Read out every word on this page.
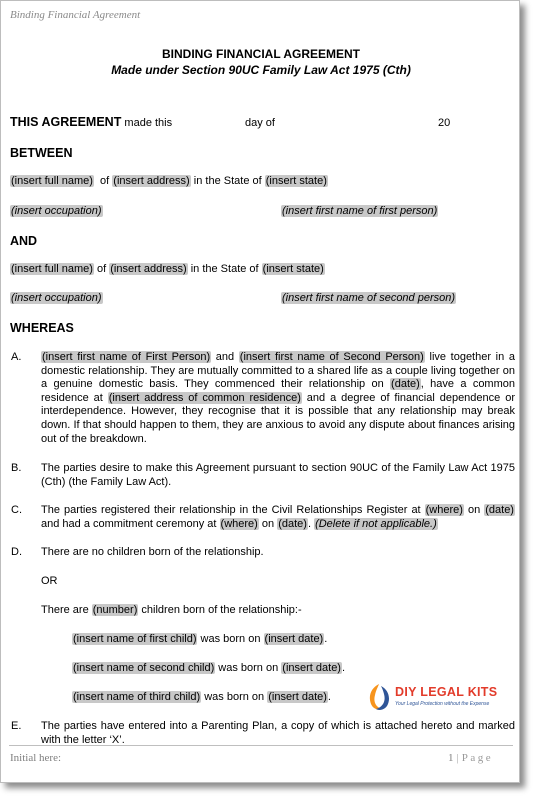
Binding Financial Agreement
BINDING FINANCIAL AGREEMENT
Made under Section 90UC Family Law Act 1975 (Cth)
THIS AGREEMENT made this	day of	20
BETWEEN
(insert full name) of (insert address) in the State of (insert state)
(insert occupation)	(insert first name of first person)
AND
(insert full name) of (insert address) in the State of (insert state)
(insert occupation)	(insert first name of second person)
WHEREAS
A. (insert first name of First Person) and (insert first name of Second Person) live together in a domestic relationship. They are mutually committed to a shared life as a couple living together on a genuine domestic basis. They commenced their relationship on (date), have a common residence at (insert address of common residence) and a degree of financial dependence or interdependence. However, they recognise that it is possible that any relationship may break down. If that should happen to them, they are anxious to avoid any dispute about finances arising out of the breakdown.
B. The parties desire to make this Agreement pursuant to section 90UC of the Family Law Act 1975 (Cth) (the Family Law Act).
C. The parties registered their relationship in the Civil Relationships Register at (where) on (date) and had a commitment ceremony at (where) on (date). (Delete if not applicable.)
D. There are no children born of the relationship.
OR
There are (number) children born of the relationship:-
(insert name of first child) was born on (insert date).
(insert name of second child) was born on (insert date).
(insert name of third child) was born on (insert date).	DIY LEGAL KITS
Your Legal Protection without the Expense
E. The parties have entered into a Parenting Plan, a copy of which is attached hereto and marked with the letter ‘X’.
Initial here:	1 | Page
